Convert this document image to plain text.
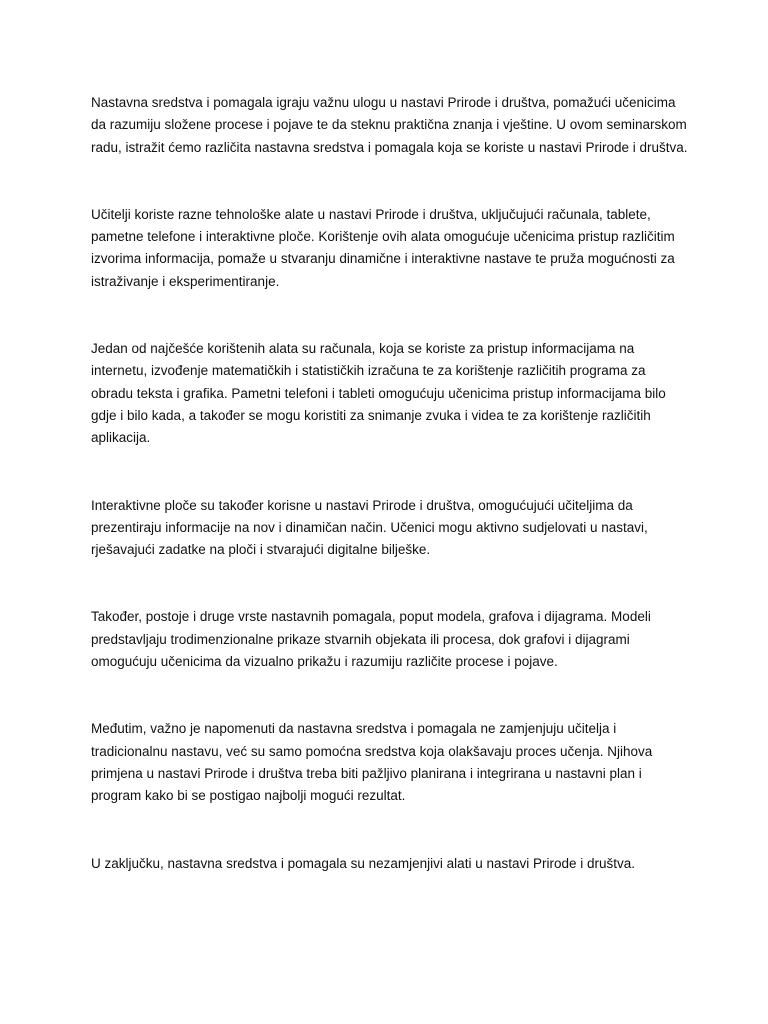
Nastavna sredstva i pomagala igraju važnu ulogu u nastavi Prirode i društva, pomažući učenicima da razumiju složene procese i pojave te da steknu praktična znanja i vještine. U ovom seminarskom radu, istražit ćemo različita nastavna sredstva i pomagala koja se koriste u nastavi Prirode i društva.

Učitelji koriste razne tehnološke alate u nastavi Prirode i društva, uključujući računala, tablete, pametne telefone i interaktivne ploče. Korištenje ovih alata omogućuje učenicima pristup različitim izvorima informacija, pomaže u stvaranju dinamične i interaktivne nastave te pruža mogućnosti za istraživanje i eksperimentiranje.

Jedan od najčešće korištenih alata su računala, koja se koriste za pristup informacijama na internetu, izvođenje matematičkih i statističkih izračuna te za korištenje različitih programa za obradu teksta i grafika. Pametni telefoni i tableti omogućuju učenicima pristup informacijama bilo gdje i bilo kada, a također se mogu koristiti za snimanje zvuka i videa te za korištenje različitih aplikacija.

Interaktivne ploče su također korisne u nastavi Prirode i društva, omogućujući učiteljima da prezentiraju informacije na nov i dinamičan način. Učenici mogu aktivno sudjelovati u nastavi, rješavajući zadatke na ploči i stvarajući digitalne bilješke.

Također, postoje i druge vrste nastavnih pomagala, poput modela, grafova i dijagrama. Modeli predstavljaju trodimenzionalne prikaze stvarnih objekata ili procesa, dok grafovi i dijagrami omogućuju učenicima da vizualno prikažu i razumiju različite procese i pojave.

Međutim, važno je napomenuti da nastavna sredstva i pomagala ne zamjenjuju učitelja i tradicionalnu nastavu, već su samo pomoćna sredstva koja olakšavaju proces učenja. Njihova primjena u nastavi Prirode i društva treba biti pažljivo planirana i integrirana u nastavni plan i program kako bi se postigao najbolji mogući rezultat.

U zaključku, nastavna sredstva i pomagala su nezamjenjivi alati u nastavi Prirode i društva.
